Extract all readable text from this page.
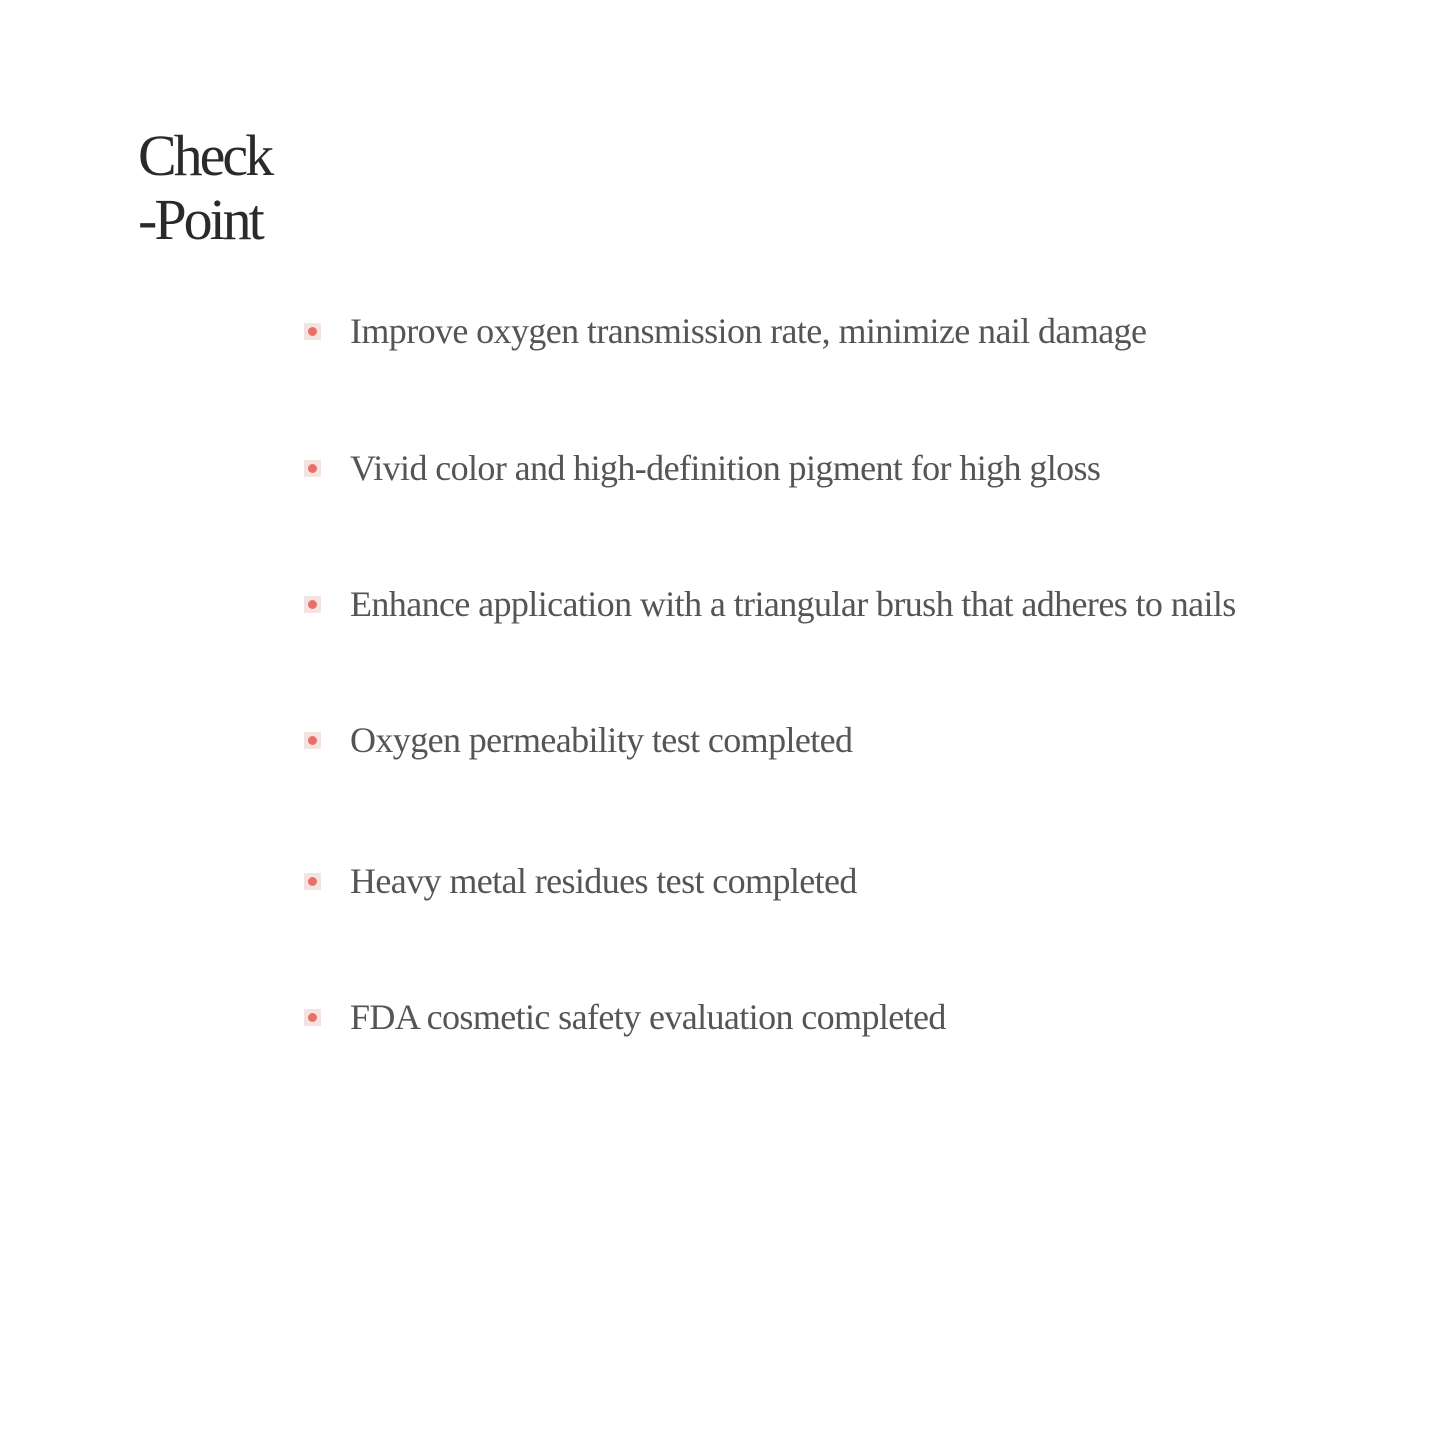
Check
-Point
Improve oxygen transmission rate, minimize nail damage
Vivid color and high-definition pigment for high gloss
Enhance application with a triangular brush that adheres to nails
Oxygen permeability test completed
Heavy metal residues test completed
FDA cosmetic safety evaluation completed
